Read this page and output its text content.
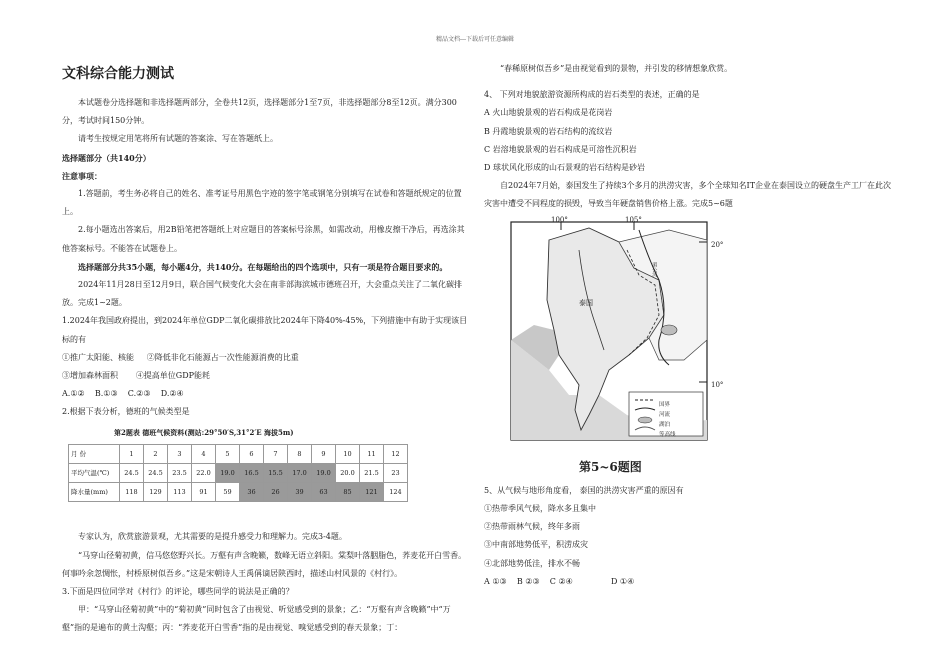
精品文档---下载后可任意编辑

文科综合能力测试

本试题卷分选择题和非选择题两部分，全卷共12页，选择题部分1至7页，非选择题部分8至12页。满分300分，考试时间150分钟。

请考生按规定用笔将所有试题的答案涂、写在答题纸上。

选择题部分（共140分）

注意事项：

1.答题前，考生务必将自己的姓名、准考证号用黑色字迹的签字笔或钢笔分别填写在试卷和答题纸规定的位置上。

2.每小题选出答案后，用2B铅笔把答题纸上对应题目的答案标号涂黑，如需改动，用橡皮擦干净后，再选涂其他答案标号。不能答在试题卷上。

选择题部分共35小题，每小题4分，共140分。在每题给出的四个选项中，只有一项是符合题目要求的。

2024年11月28日至12月9日，联合国气候变化大会在南非部海滨城市德班召开，大会重点关注了二氧化碳排放。完成1~2题。

1.2024年我国政府提出，到2024年单位GDP二氧化碳排放比2024年下降40%-45%，下列措施中有助于实现该目标的有

①推广太阳能、核能 ②降低非化石能源占一次性能源消费的比重

③增加森林面积 ④提高单位GDP能耗

A.①② B.①③ C.②③ D.②④

2.根据下表分析，德班的气候类型是

第2题表 德班气候资料(测站:29°50′S,31°2′E 海拔5m)
月 份	1	2	3	4	5	6	7	8	9	10	11	12
平均气温(℃)	24.5	24.5	23.5	22.0	19.0	16.5	15.5	17.0	19.0	20.0	21.5	23
降水量(mm)	118	129	113	91	59	36	26	39	63	85	121	124

专家认为，欣赏旅游景观，尤其需要的是提升感受力和理解力。完成3-4题。

“马穿山径菊初黄，信马悠悠野兴长。万壑有声含晚籁，数峰无语立斜阳。棠梨叶落胭脂色，荞麦花开白雪香。何事吟余忽惆怅，村桥原树似吾乡。”这是宋朝诗人王禹偁谪居陕西时，描述山村风景的《村行》。

3.下面是四位同学对《村行》的评论，哪些同学的说法是正确的？

甲：“马穿山径菊初黄”中的“菊初黄”同时包含了由视觉、听觉感受到的景象；乙：“万壑有声含晚籁”中“万壑”指的是遍布的黄土沟壑；丙：“荞麦花开白雪香”指的是由视觉、嗅觉感受到的春天景象；丁：

“春稀原树似吾乡”是由视觉看到的景物，并引发的移情想象欣赏。

4、 下列对地貌旅游资源所构成的岩石类型的表述，正确的是

A 火山地貌景观的岩石构成是花岗岩

B 丹霞地貌景观的岩石结构的流纹岩

C 岩溶地貌景观的岩石构成是可溶性沉积岩

D 球状风化形成的山石景观的岩石结构是砂岩

自2024年7月始，泰国发生了持续3个多月的洪涝灾害，多个全球知名IT企业在泰国设立的硬盘生产工厂在此次灾害中遭受不同程度的损毁，导致当年硬盘销售价格上涨。完成5~6题

100°	105°
20°
10°
泰国
湄公河
国界
河流
湖泊
等高线
第5~6题图

5、从气候与地形角度看， 泰国的洪涝灾害严重的原因有

①热带季风气候，降水多且集中

②热带雨林气候，终年多雨

③中南部地势低平，积涝成灾

④北部地势低洼，排水不畅

A ①③ B ②③ C ②④	D ①④
